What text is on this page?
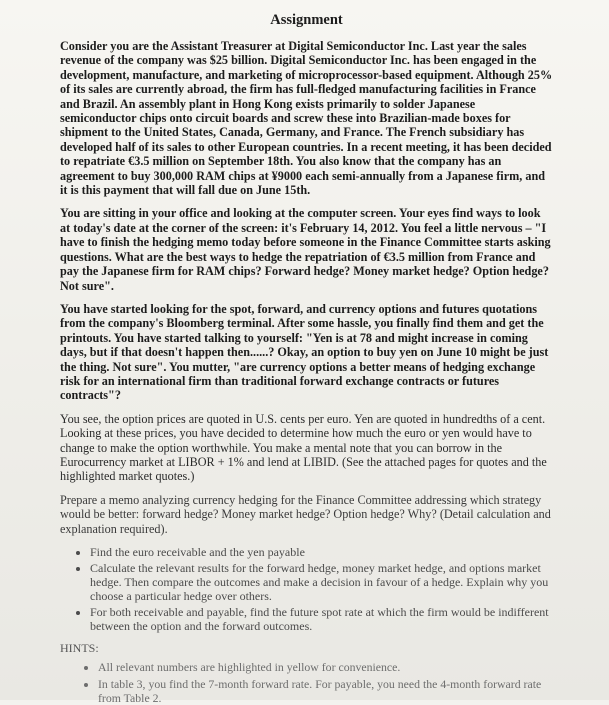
Assignment

Consider you are the Assistant Treasurer at Digital Semiconductor Inc. Last year the sales revenue of the company was $25 billion. Digital Semiconductor Inc. has been engaged in the development, manufacture, and marketing of microprocessor-based equipment. Although 25% of its sales are currently abroad, the firm has full-fledged manufacturing facilities in France and Brazil. An assembly plant in Hong Kong exists primarily to solder Japanese semiconductor chips onto circuit boards and screw these into Brazilian-made boxes for shipment to the United States, Canada, Germany, and France. The French subsidiary has developed half of its sales to other European countries. In a recent meeting, it has been decided to repatriate €3.5 million on September 18th. You also know that the company has an agreement to buy 300,000 RAM chips at ¥9000 each semi-annually from a Japanese firm, and it is this payment that will fall due on June 15th.

You are sitting in your office and looking at the computer screen. Your eyes find ways to look at today's date at the corner of the screen: it's February 14, 2012. You feel a little nervous – "I have to finish the hedging memo today before someone in the Finance Committee starts asking questions. What are the best ways to hedge the repatriation of €3.5 million from France and pay the Japanese firm for RAM chips? Forward hedge? Money market hedge? Option hedge? Not sure".

You have started looking for the spot, forward, and currency options and futures quotations from the company's Bloomberg terminal. After some hassle, you finally find them and get the printouts. You have started talking to yourself: "Yen is at 78 and might increase in coming days, but if that doesn't happen then......? Okay, an option to buy yen on June 10 might be just the thing. Not sure". You mutter, "are currency options a better means of hedging exchange risk for an international firm than traditional forward exchange contracts or futures contracts"?

You see, the option prices are quoted in U.S. cents per euro. Yen are quoted in hundredths of a cent. Looking at these prices, you have decided to determine how much the euro or yen would have to change to make the option worthwhile. You make a mental note that you can borrow in the Eurocurrency market at LIBOR + 1% and lend at LIBID. (See the attached pages for quotes and the highlighted market quotes.)

Prepare a memo analyzing currency hedging for the Finance Committee addressing which strategy would be better: forward hedge? Money market hedge? Option hedge? Why? (Detail calculation and explanation required).

• Find the euro receivable and the yen payable
• Calculate the relevant results for the forward hedge, money market hedge, and options market hedge. Then compare the outcomes and make a decision in favour of a hedge. Explain why you choose a particular hedge over others.
• For both receivable and payable, find the future spot rate at which the firm would be indifferent between the option and the forward outcomes.
HINTS:
• All relevant numbers are highlighted in yellow for convenience.
• In table 3, you find the 7-month forward rate. For payable, you need the 4-month forward rate from Table 2.
